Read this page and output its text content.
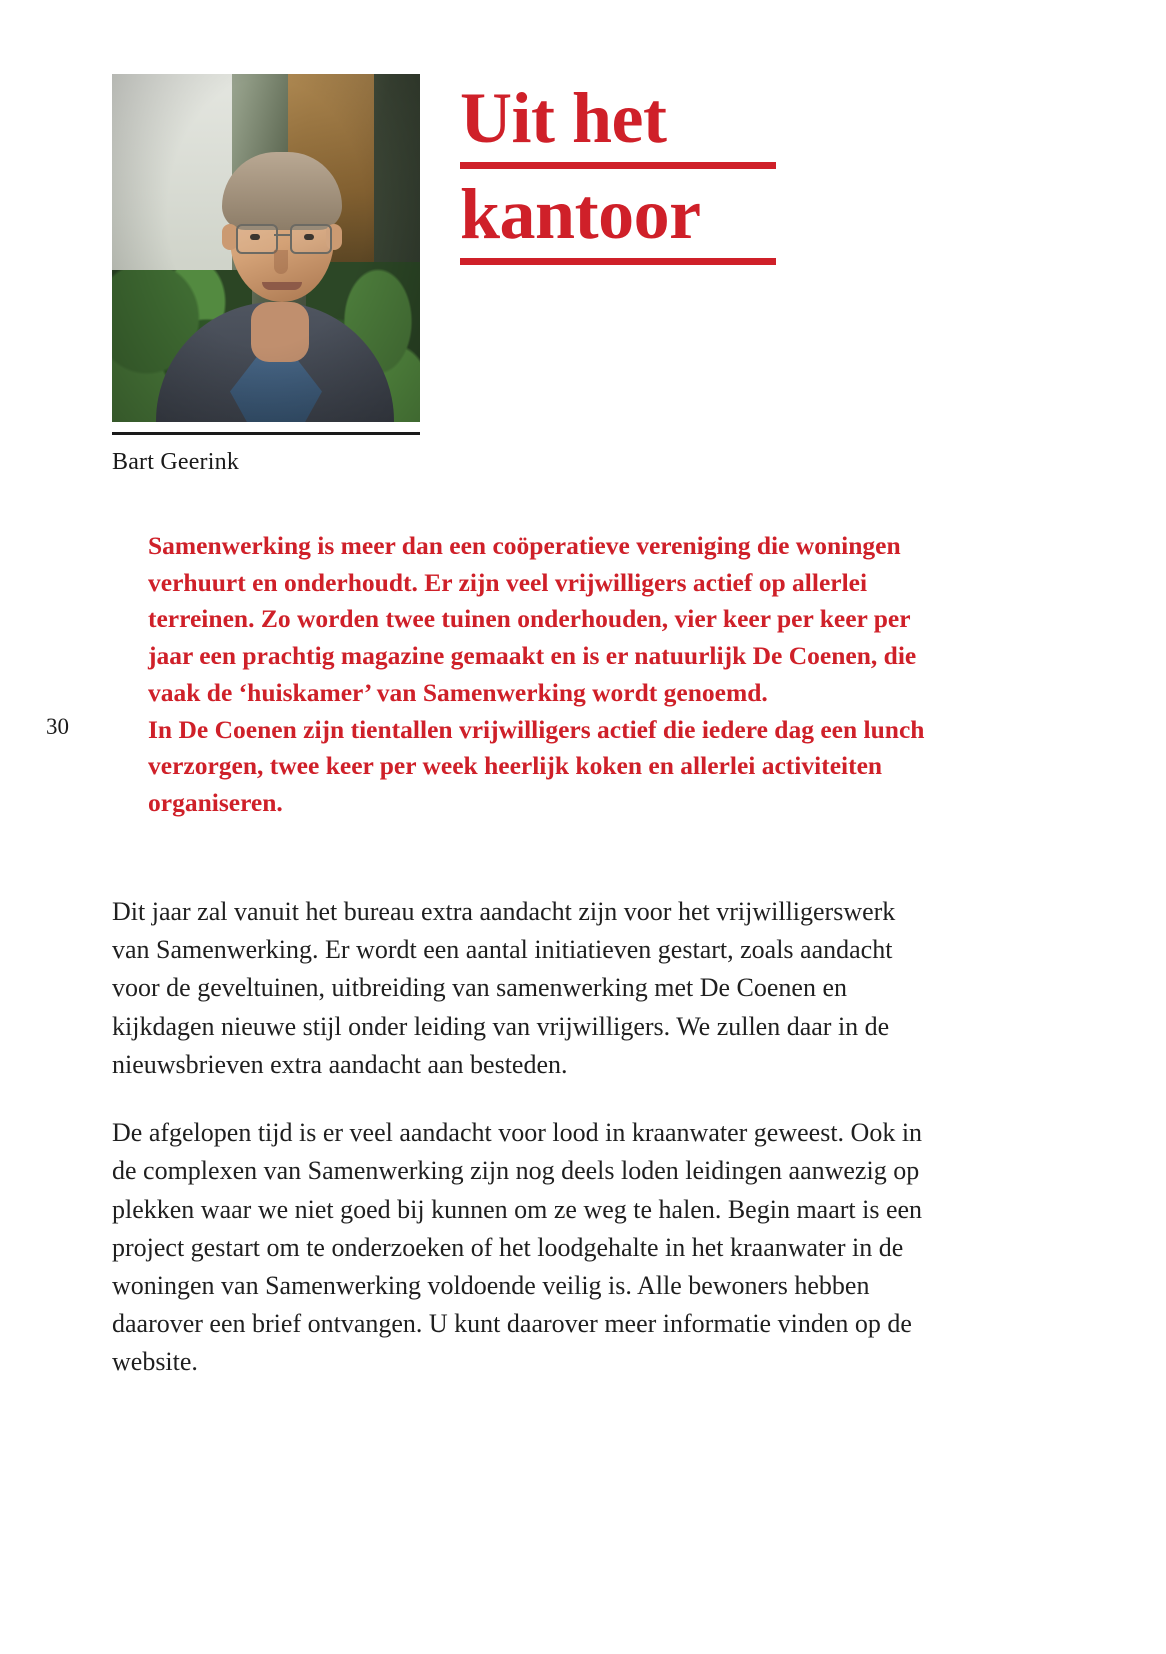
Bart Geerink
Uit het
kantoor
30

Samenwerking is meer dan een coöperatieve vereniging die woningen verhuurt en onderhoudt. Er zijn veel vrijwilligers actief op allerlei terreinen. Zo worden twee tuinen onderhouden, vier keer per keer per jaar een prachtig magazine gemaakt en is er natuurlijk De Coenen, die vaak de ‘huiskamer’ van Samenwerking wordt genoemd.

In De Coenen zijn tientallen vrijwilligers actief die iedere dag een lunch verzorgen, twee keer per week heerlijk koken en allerlei activiteiten organiseren.

Dit jaar zal vanuit het bureau extra aandacht zijn voor het vrijwilligerswerk van Samenwerking. Er wordt een aantal initiatieven gestart, zoals aandacht voor de geveltuinen, uitbreiding van samenwerking met De Coenen en kijkdagen nieuwe stijl onder leiding van vrijwilligers. We zullen daar in de nieuwsbrieven extra aandacht aan besteden.

De afgelopen tijd is er veel aandacht voor lood in kraanwater geweest. Ook in de complexen van Samenwerking zijn nog deels loden leidingen aanwezig op plekken waar we niet goed bij kunnen om ze weg te halen. Begin maart is een project gestart om te onderzoeken of het loodgehalte in het kraanwater in de woningen van Samenwerking voldoende veilig is. Alle bewoners hebben daarover een brief ontvangen. U kunt daarover meer informatie vinden op de website.
